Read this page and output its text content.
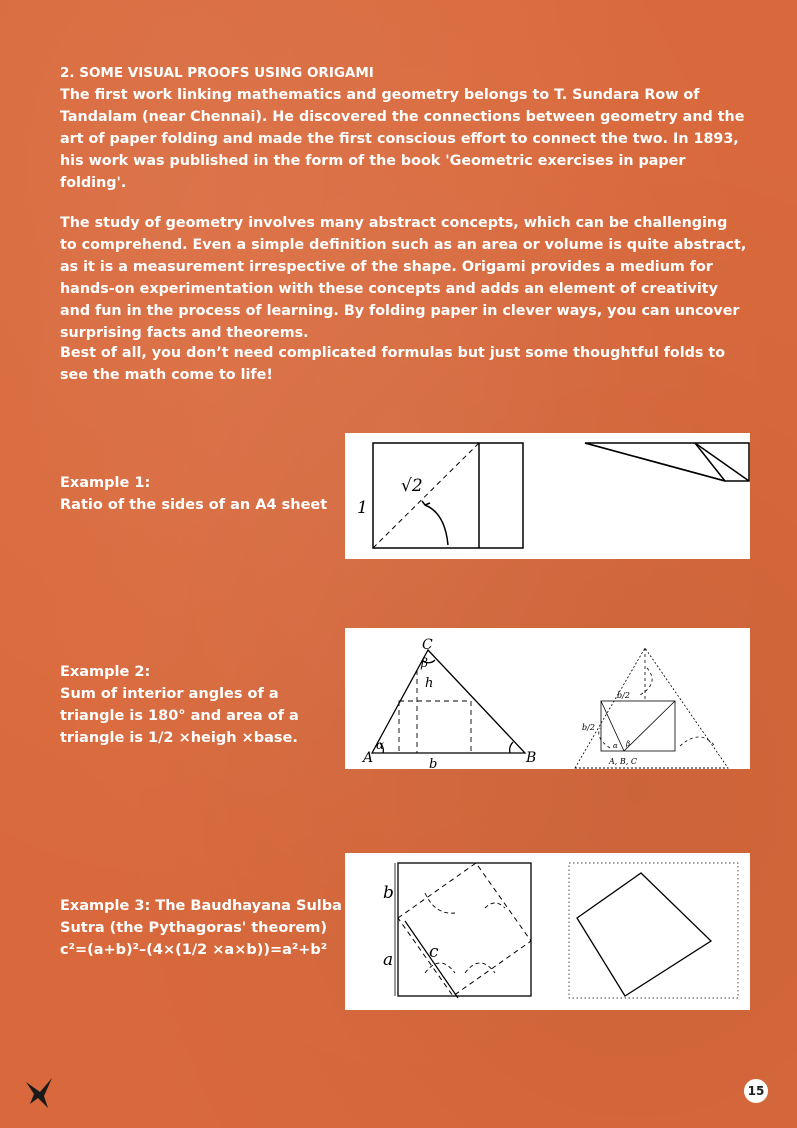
2. SOME VISUAL PROOFS USING ORIGAMI

The first work linking mathematics and geometry belongs to T. Sundara Row of Tandalam (near Chennai). He discovered the connections between geometry and the art of paper folding and made the first conscious effort to connect the two. In 1893, his work was published in the form of the book 'Geometric exercises in paper folding'.

The study of geometry involves many abstract concepts, which can be challenging to comprehend. Even a simple definition such as an area or volume is quite abstract, as it is a measurement irrespective of the shape. Origami provides a medium for hands-on experimentation with these concepts and adds an element of creativity and fun in the process of learning. By folding paper in clever ways, you can uncover surprising facts and theorems.

Best of all, you don’t need complicated formulas but just some thoughtful folds to see the math come to life!

Example 1:
Ratio of the sides of an A4 sheet 1
√2
Example 2:
Sum of interior angles of a
triangle is 180° and area of a
triangle is 1/2 ×heigh ×base.
A	B
C
α
β
h
b
b/2
b/2
A, B, C
α β
Example 3: The Baudhayana Sulba
Sutra (the Pythagoras' theorem)
c²=(a+b)²–(4×(1/2 ×a×b))=a²+b²
b
a c
15
